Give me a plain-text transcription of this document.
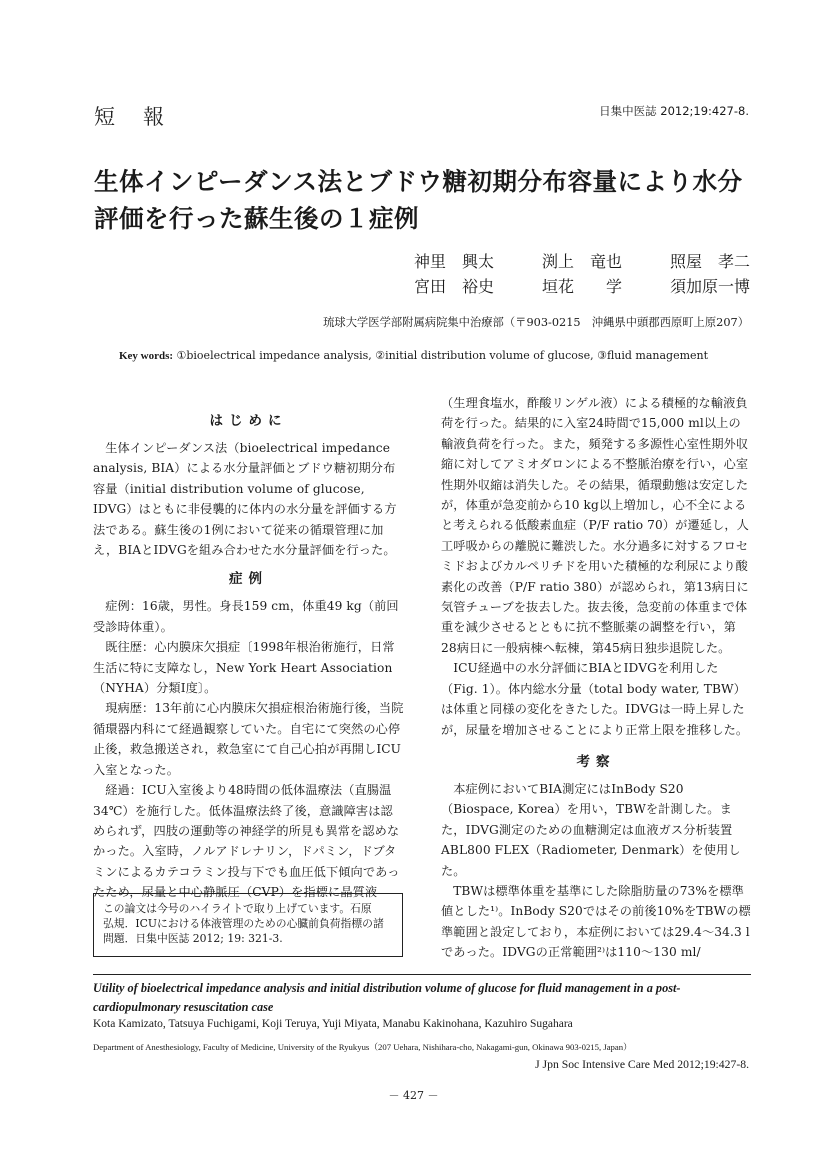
短報	日集中医誌 2012;19:427-8.
生体インピーダンス法とブドウ糖初期分布容量により水分評価を行った蘇生後の１症例
神里　興太	渕上　竜也	照屋　孝二
宮田　裕史	垣花　　学	須加原一博
琉球大学医学部附属病院集中治療部（〒903-0215　沖縄県中頭郡西原町上原207）
Key words: ①bioelectrical impedance analysis, ②initial distribution volume of glucose, ③fluid management
はじめに

生体インピーダンス法（bioelectrical impedance analysis, BIA）による水分量評価とブドウ糖初期分布容量（initial distribution volume of glucose, IDVG）はともに非侵襲的に体内の水分量を評価する方法である。蘇生後の1例において従来の循環管理に加え，BIAとIDVGを組み合わせた水分量評価を行った。

症例

症例：16歳，男性。身長159 cm，体重49 kg（前回受診時体重）。

既往歴：心内膜床欠損症〔1998年根治術施行，日常生活に特に支障なし，New York Heart Association（NYHA）分類Ⅰ度〕。

現病歴：13年前に心内膜床欠損症根治術施行後，当院循環器内科にて経過観察していた。自宅にて突然の心停止後，救急搬送され，救急室にて自己心拍が再開しICU入室となった。

経過：ICU入室後より48時間の低体温療法（直腸温34℃）を施行した。低体温療法終了後，意識障害は認められず，四肢の運動等の神経学的所見も異常を認めなかった。入室時，ノルアドレナリン，ドパミン，ドブタミンによるカテコラミン投与下でも血圧低下傾向であったため，尿量と中心静脈圧（CVP）を指標に晶質液

この論文は今号のハイライトで取り上げています。石原　弘規．ICUにおける体液管理のための心臓前負荷指標の諸問題．日集中医誌 2012; 19: 321-3.

（生理食塩水，酢酸リンゲル液）による積極的な輸液負荷を行った。結果的に入室24時間で15,000 ml以上の輸液負荷を行った。また，頻発する多源性心室性期外収縮に対してアミオダロンによる不整脈治療を行い，心室性期外収縮は消失した。その結果，循環動態は安定したが，体重が急変前から10 kg以上増加し，心不全によると考えられる低酸素血症（P/F ratio 70）が遷延し，人工呼吸からの離脱に難渋した。水分過多に対するフロセミドおよびカルペリチドを用いた積極的な利尿により酸素化の改善（P/F ratio 380）が認められ，第13病日に気管チューブを抜去した。抜去後，急変前の体重まで体重を減少させるとともに抗不整脈薬の調整を行い，第28病日に一般病棟へ転棟，第45病日独歩退院した。

ICU経過中の水分評価にBIAとIDVGを利用した（Fig. 1）。体内総水分量（total body water, TBW）は体重と同様の変化をきたした。IDVGは一時上昇したが，尿量を増加させることにより正常上限を推移した。

考察

本症例においてBIA測定にはInBody S20（Biospace, Korea）を用い，TBWを計測した。また，IDVG測定のための血糖測定は血液ガス分析装置ABL800 FLEX（Radiometer, Denmark）を使用した。

TBWは標準体重を基準にした除脂肪量の73%を標準値とした¹⁾。InBody S20ではその前後10%をTBWの標準範囲と設定しており，本症例においては29.4～34.3 lであった。IDVGの正常範囲²⁾は110～130 ml/

Utility of bioelectrical impedance analysis and initial distribution volume of glucose for fluid management in a post-cardiopulmonary resuscitation case
Kota Kamizato, Tatsuya Fuchigami, Koji Teruya, Yuji Miyata, Manabu Kakinohana, Kazuhiro Sugahara
Department of Anesthesiology, Faculty of Medicine, University of the Ryukyus（207 Uehara, Nishihara-cho, Nakagami-gun, Okinawa 903-0215, Japan）
J Jpn Soc Intensive Care Med 2012;19:427-8.
－ 427 －
